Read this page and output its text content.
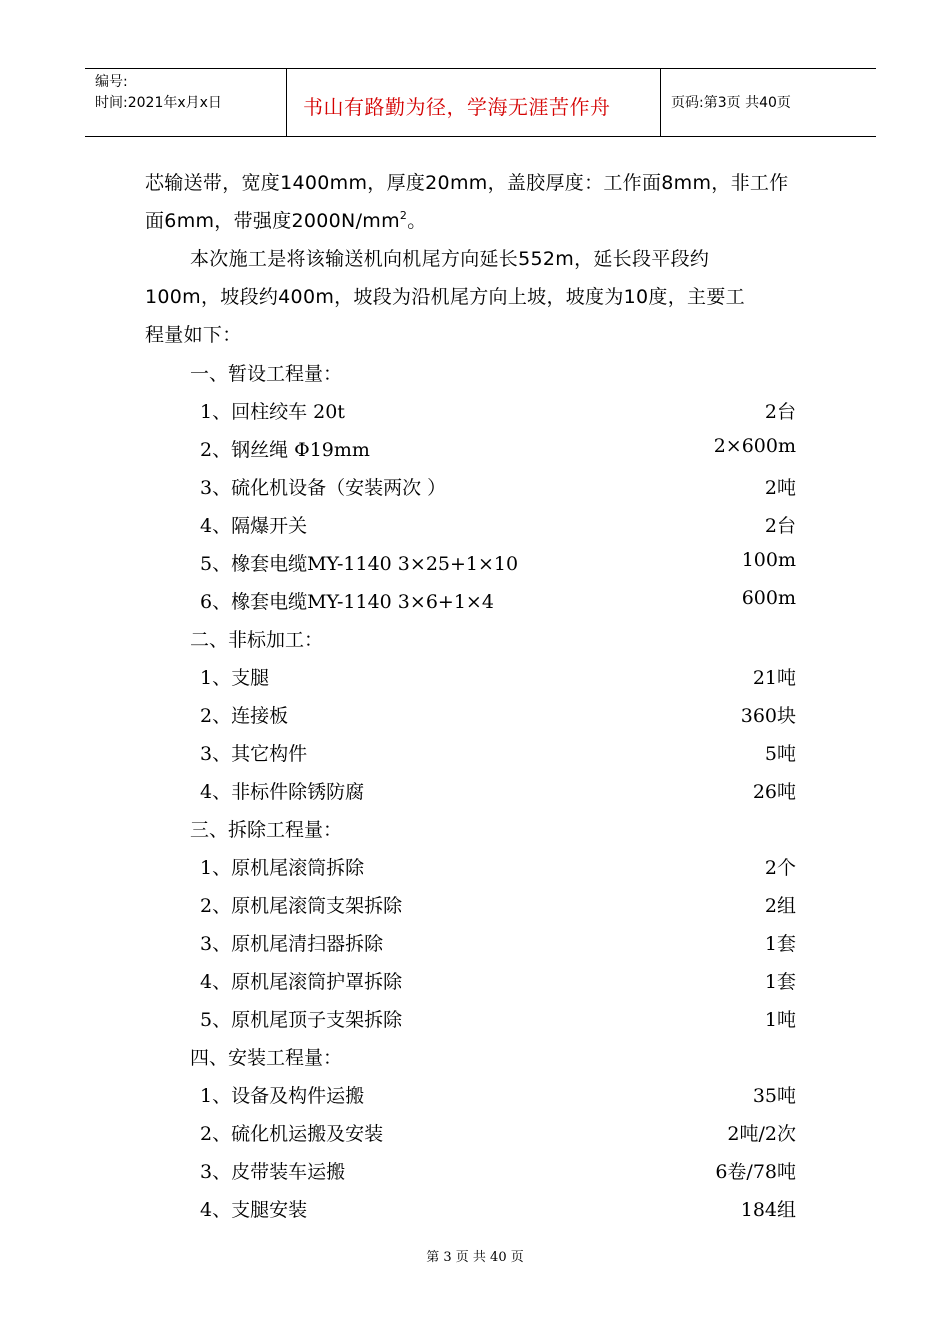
编号:
时间:2021年x月x日	书山有路勤为径，学海无涯苦作舟	页码:第3页 共40页
芯输送带，宽度1400mm，厚度20mm，盖胶厚度：工作面8mm，非工作
面6mm，带强度$2000N/mm^2$。
本次施工是将该输送机向机尾方向延长552m，延长段平段约
100m，坡段约400m，坡段为沿机尾方向上坡，坡度为10度，主要工
程量如下：
一、暂设工程量：
1、回柱绞车 20t	2台
2、钢丝绳 Φ19mm	2×600m
3、硫化机设备（安装两次 ）	2吨
4、隔爆开关	2台
5、橡套电缆MY-1140 3×25+1×10	100m
6、橡套电缆MY-1140 3×6+1×4	600m
二、非标加工：
1、支腿	21吨
2、连接板	360块
3、其它构件	5吨
4、非标件除锈防腐	26吨
三、拆除工程量：
1、原机尾滚筒拆除	2个
2、原机尾滚筒支架拆除	2组
3、原机尾清扫器拆除	1套
4、原机尾滚筒护罩拆除	1套
5、原机尾顶子支架拆除	1吨
四、安装工程量：
1、设备及构件运搬	35吨
2、硫化机运搬及安装	2吨/2次
3、皮带装车运搬	6卷/78吨
4、支腿安装	184组
第 3 页 共 40 页
